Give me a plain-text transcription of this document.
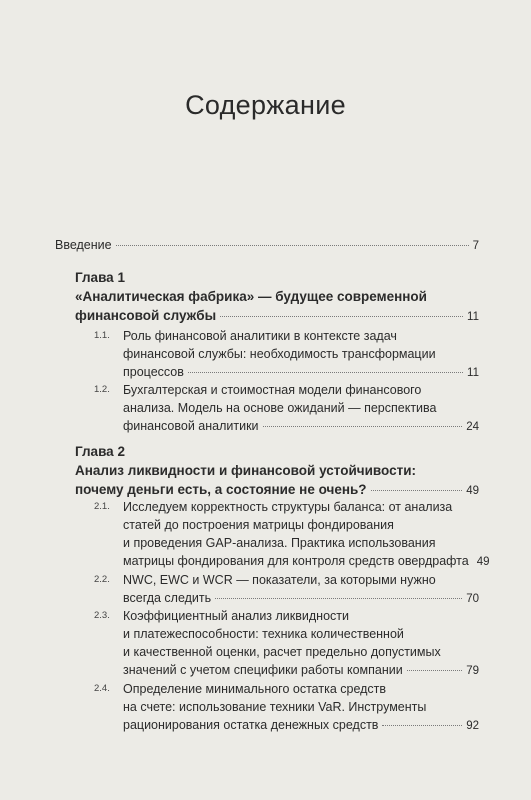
Содержание
Введение	7
Глава 1
«Аналитическая фабрика» — будущее современной
финансовой службы	11
1.1. Роль финансовой аналитики в контексте задач
финансовой службы: необходимость трансформации
процессов	11
1.2. Бухгалтерская и стоимостная модели финансового
анализа. Модель на основе ожиданий — перспектива
финансовой аналитики	24
Глава 2
Анализ ликвидности и финансовой устойчивости:
почему деньги есть, а состояние не очень?	49
2.1. Исследуем корректность структуры баланса: от анализа
статей до построения матрицы фондирования
и проведения GAP-анализа. Практика использования
матрицы фондирования для контроля средств овердрафта 49
2.2. NWC, EWC и WCR — показатели, за которыми нужно
всегда следить	70
2.3. Коэффициентный анализ ликвидности
и платежеспособности: техника количественной
и качественной оценки, расчет предельно допустимых
значений с учетом специфики работы компании	79
2.4. Определение минимального остатка средств
на счете: использование техники VaR. Инструменты
рационирования остатка денежных средств	92
